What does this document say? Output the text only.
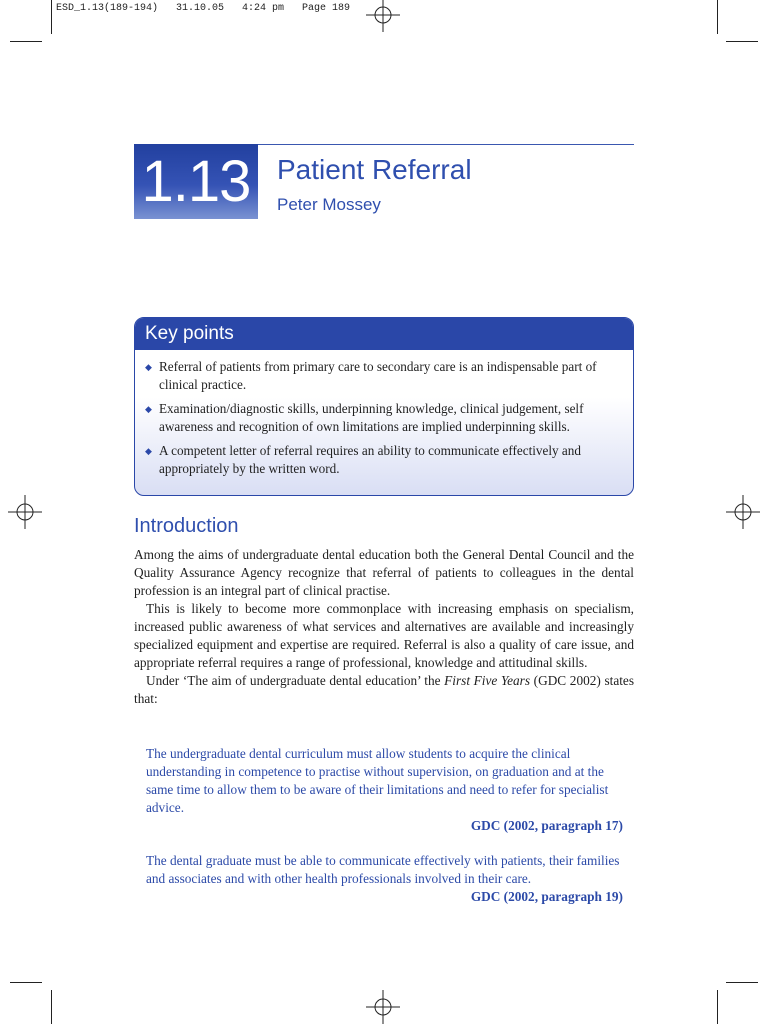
ESD_1.13(189-194)   31.10.05   4:24 pm   Page 189

1.13 Patient Referral

Peter Mossey

Key points
◆ Referral of patients from primary care to secondary care is an indispensable part of clinical practice.
◆ Examination/diagnostic skills, underpinning knowledge, clinical judgement, self awareness and recognition of own limitations are implied underpinning skills.
◆ A competent letter of referral requires an ability to communicate effectively and appropriately by the written word.
Introduction

Among the aims of undergraduate dental education both the General Dental Council and the Quality Assurance Agency recognize that referral of patients to colleagues in the dental profession is an integral part of clinical practise.

This is likely to become more commonplace with increasing emphasis on specialism, increased public awareness of what services and alternatives are available and increasingly specialized equipment and expertise are required. Referral is also a quality of care issue, and appropriate referral requires a range of professional, knowledge and attitudinal skills.

Under ‘The aim of undergraduate dental education’ the First Five Years (GDC 2002) states that:

The undergraduate dental curriculum must allow students to acquire the clinical understanding in competence to practise without supervision, on graduation and at the same time to allow them to be aware of their limitations and need to refer for specialist advice.

GDC (2002, paragraph 17)

The dental graduate must be able to communicate effectively with patients, their families and associates and with other health professionals involved in their care.

GDC (2002, paragraph 19)
